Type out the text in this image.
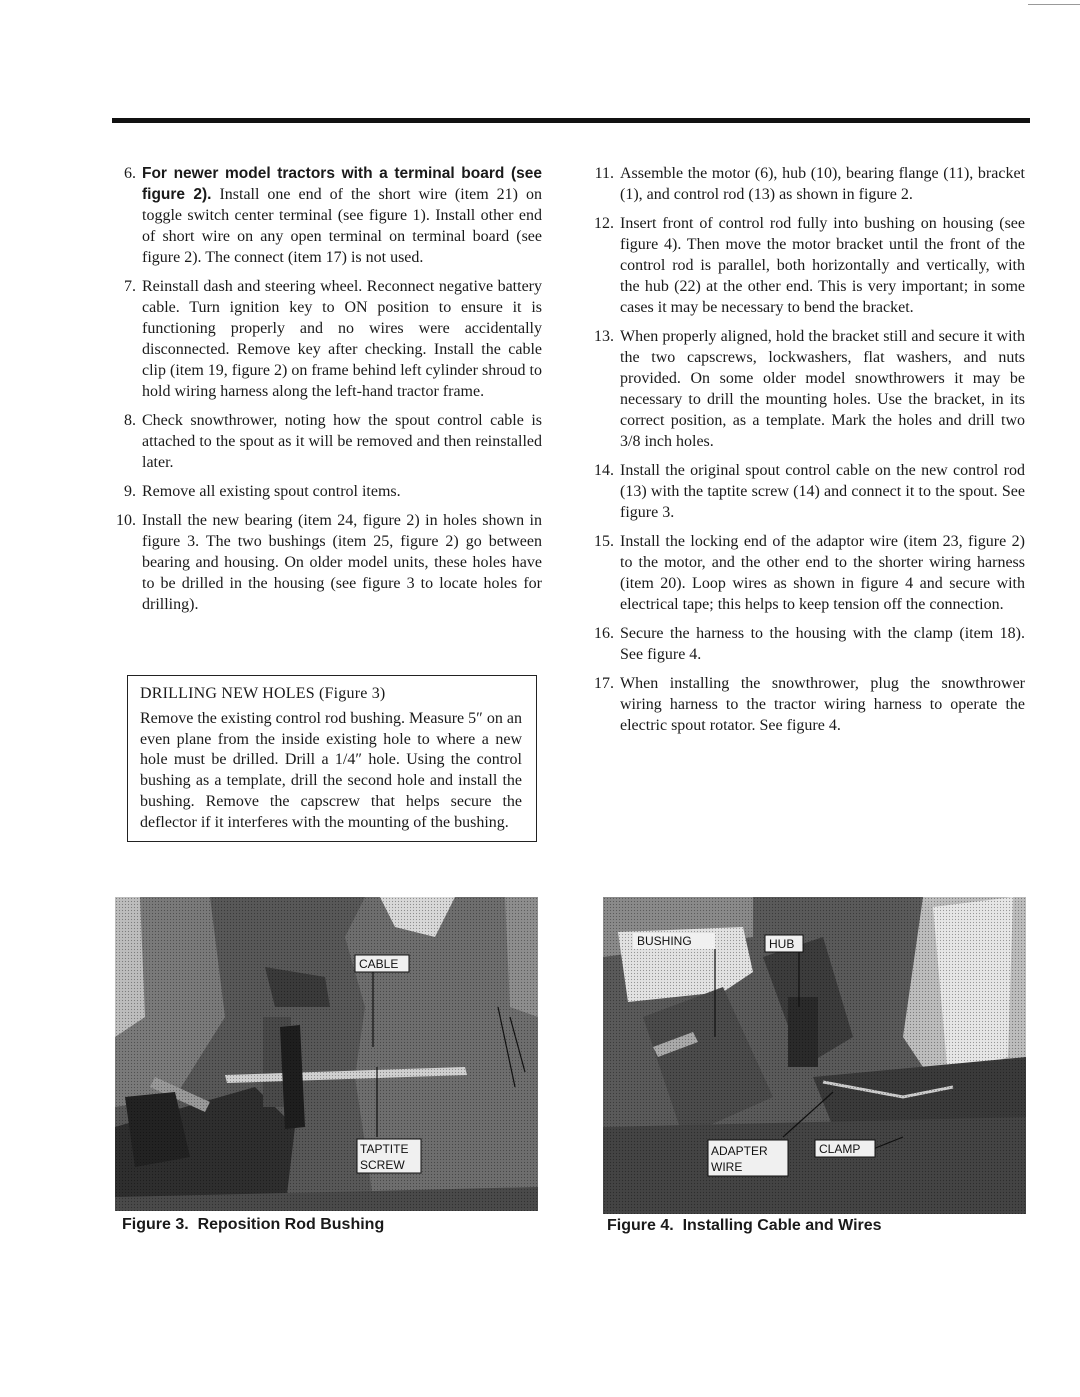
6. For newer model tractors with a terminal board (see figure 2). Install one end of the short wire (item 21) on toggle switch center terminal (see figure 1). Install other end of short wire on any open terminal on terminal board (see figure 2). The connect (item 17) is not used.
7. Reinstall dash and steering wheel. Reconnect negative battery cable. Turn ignition key to ON position to ensure it is functioning properly and no wires were accidentally disconnected. Remove key after checking. Install the cable clip (item 19, figure 2) on frame behind left cylinder shroud to hold wiring harness along the left-hand tractor frame.
8. Check snowthrower, noting how the spout control cable is attached to the spout as it will be removed and then reinstalled later.
9. Remove all existing spout control items.
10. Install the new bearing (item 24, figure 2) in holes shown in figure 3. The two bushings (item 25, figure 2) go between bearing and housing. On older model units, these holes have to be drilled in the housing (see figure 3 to locate holes for drilling).
DRILLING NEW HOLES (Figure 3)
Remove the existing control rod bushing. Measure 5″ on an even plane from the inside existing hole to where a new hole must be drilled. Drill a 1/4″ hole. Using the control bushing as a template, drill the second hole and install the bushing. Remove the capscrew that helps secure the deflector if it interferes with the mounting of the bushing.
11. Assemble the motor (6), hub (10), bearing flange (11), bracket (1), and control rod (13) as shown in figure 2.
12. Insert front of control rod fully into bushing on housing (see figure 4). Then move the motor bracket until the front of the control rod is parallel, both horizontally and vertically, with the hub (22) at the other end. This is very important; in some cases it may be necessary to bend the bracket.
13. When properly aligned, hold the bracket still and secure it with the two capscrews, lockwashers, flat washers, and nuts provided. On some older model snowthrowers it may be necessary to drill the mounting holes. Use the bracket, in its correct position, as a template. Mark the holes and drill two 3/8 inch holes.
14. Install the original spout control cable on the new control rod (13) with the taptite screw (14) and connect it to the spout. See figure 3.
15. Install the locking end of the adaptor wire (item 23, figure 2) to the motor, and the other end to the shorter wiring harness (item 20). Loop wires as shown in figure 4 and secure with electrical tape; this helps to keep tension off the connection.
16. Secure the harness to the housing with the clamp (item 18). See figure 4.
17. When installing the snowthrower, plug the snowthrower wiring harness to the tractor wiring harness to operate the electric spout rotator. See figure 4.
CABLE
TAPTITE
SCREW
Figure 3.  Reposition Rod Bushing
BUSHING	HUB
ADAPTER
WIRE
CLAMP
Figure 4.  Installing Cable and Wires
